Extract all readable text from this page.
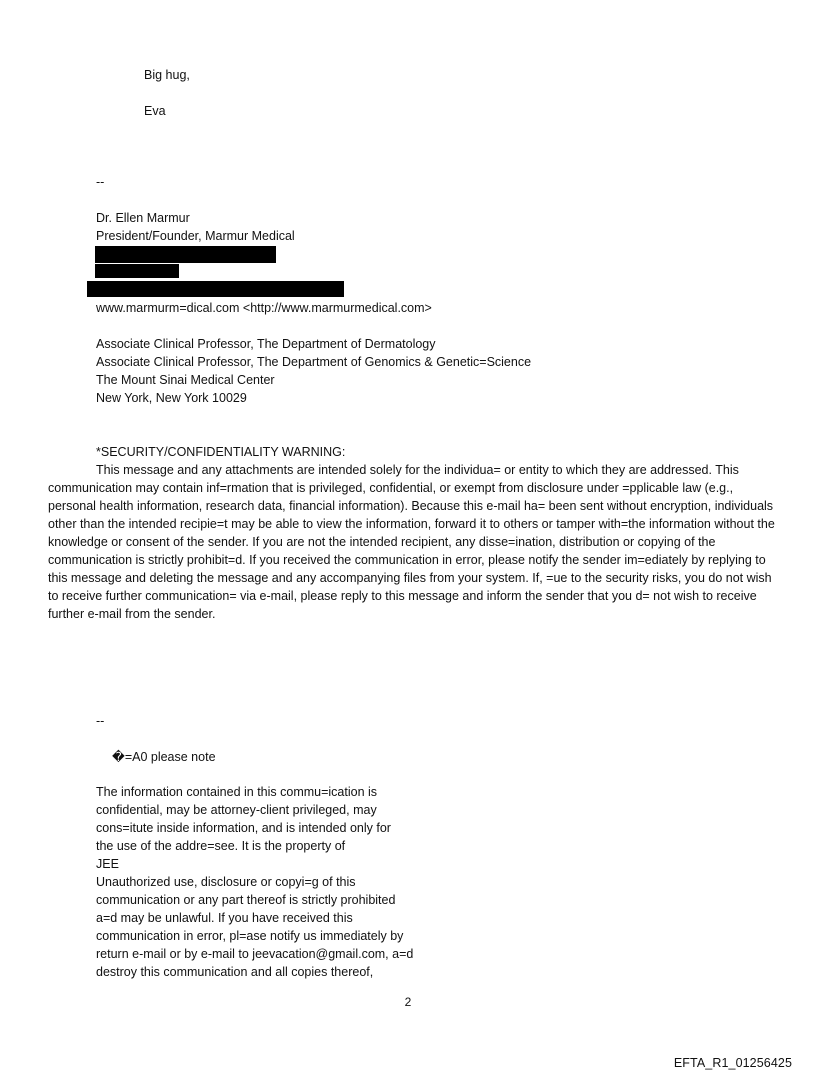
Big hug,
Eva
--
Dr. Ellen Marmur
President/Founder, Marmur Medical
www.marmurm=dical.com <http://www.marmurmedical.com>
Associate Clinical Professor, The Department of Dermatology
Associate Clinical Professor, The Department of Genomics & Genetic=Science
The Mount Sinai Medical Center
New York, New York 10029
*SECURITY/CONFIDENTIALITY WARNING:
This message and any attachments are intended solely for the individua= or entity to which they are addressed. This communication may contain inf=rmation that is privileged, confidential, or exempt from disclosure under =pplicable law (e.g., personal health information, research data, financial information). Because this e-mail ha= been sent without encryption, individuals other than the intended recipie=t may be able to view the information, forward it to others or tamper with=the information without the knowledge or consent of the sender. If you are not the intended recipient, any disse=ination, distribution or copying of the communication is strictly prohibit=d. If you received the communication in error, please notify the sender im=ediately by replying to this message and deleting the message and any accompanying files from your system. If, =ue to the security risks, you do not wish to receive further communication= via e-mail, please reply to this message and inform the sender that you d= not wish to receive further e-mail from the sender.
--
�=A0 please note
The information contained in this commu=ication is
confidential, may be attorney-client privileged, may
cons=itute inside information, and is intended only for
the use of the addre=see. It is the property of
JEE
Unauthorized use, disclosure or copyi=g of this
communication or any part thereof is strictly prohibited
a=d may be unlawful. If you have received this
communication in error, pl=ase notify us immediately by
return e-mail or by e-mail to jeevacation@gmail.com, a=d
destroy this communication and all copies thereof,
2
EFTA_R1_01256425
